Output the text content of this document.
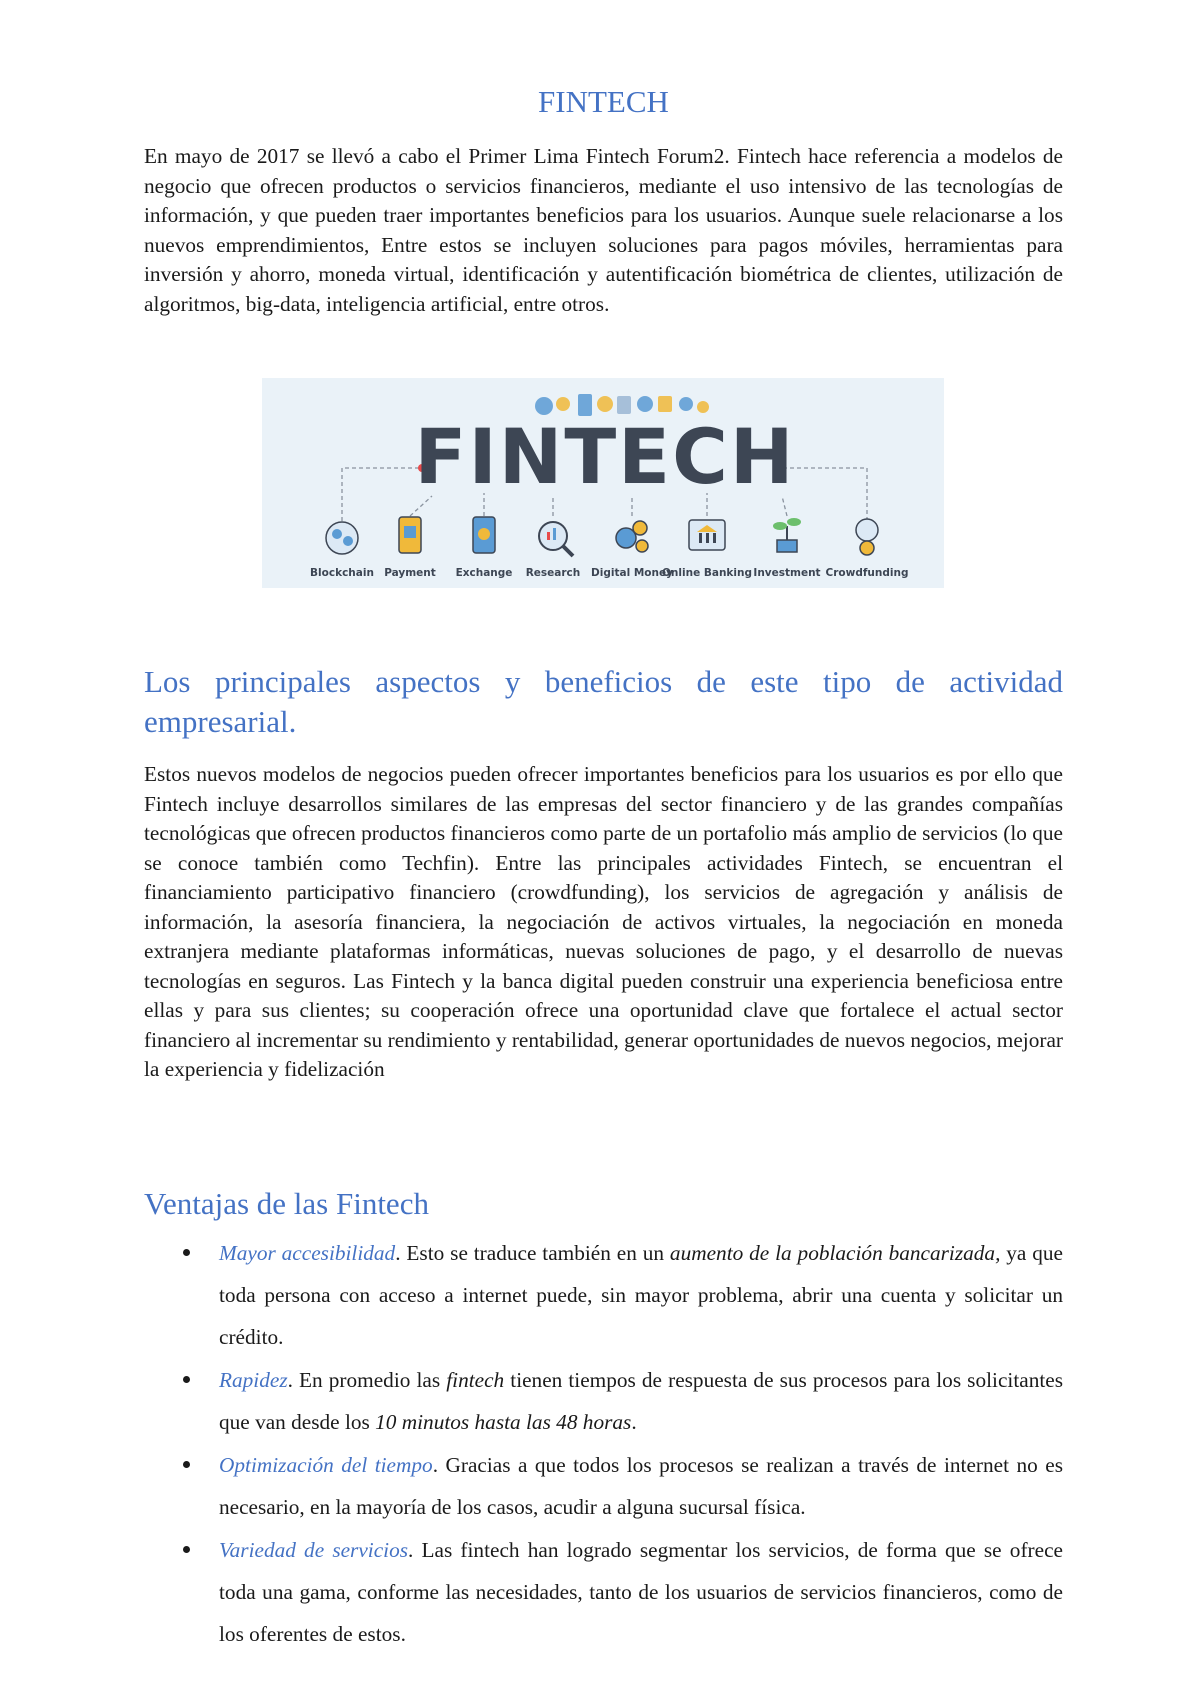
FINTECH

En mayo de 2017 se llevó a cabo el Primer Lima Fintech Forum2. Fintech hace referencia a modelos de negocio que ofrecen productos o servicios financieros, mediante el uso intensivo de las tecnologías de información, y que pueden traer importantes beneficios para los usuarios. Aunque suele relacionarse a los nuevos emprendimientos, Entre estos se incluyen soluciones para pagos móviles, herramientas para inversión y ahorro, moneda virtual, identificación y autentificación biométrica de clientes, utilización de algoritmos, big-data, inteligencia artificial, entre otros.

FINTECH
Blockchain Payment Exchange Research Digital Money
Online Banking Investment Crowdfunding
Los principales aspectos y beneficios de este tipo de actividad empresarial.

Estos nuevos modelos de negocios pueden ofrecer importantes beneficios para los usuarios es por ello que Fintech incluye desarrollos similares de las empresas del sector financiero y de las grandes compañías tecnológicas que ofrecen productos financieros como parte de un portafolio más amplio de servicios (lo que se conoce también como Techfin). Entre las principales actividades Fintech, se encuentran el financiamiento participativo financiero (crowdfunding), los servicios de agregación y análisis de información, la asesoría financiera, la negociación de activos virtuales, la negociación en moneda extranjera mediante plataformas informáticas, nuevas soluciones de pago, y el desarrollo de nuevas tecnologías en seguros. Las Fintech y la banca digital pueden construir una experiencia beneficiosa entre ellas y para sus clientes; su cooperación ofrece una oportunidad clave que fortalece el actual sector financiero al incrementar su rendimiento y rentabilidad, generar oportunidades de nuevos negocios, mejorar la experiencia y fidelización

Ventajas de las Fintech
Mayor accesibilidad. Esto se traduce también en un aumento de la población bancarizada, ya que toda persona con acceso a internet puede, sin mayor problema, abrir una cuenta y solicitar un crédito.
Rapidez. En promedio las fintech tienen tiempos de respuesta de sus procesos para los solicitantes que van desde los 10 minutos hasta las 48 horas.
Optimización del tiempo. Gracias a que todos los procesos se realizan a través de internet no es necesario, en la mayoría de los casos, acudir a alguna sucursal física.
Variedad de servicios. Las fintech han logrado segmentar los servicios, de forma que se ofrece toda una gama, conforme las necesidades, tanto de los usuarios de servicios financieros, como de los oferentes de estos.
